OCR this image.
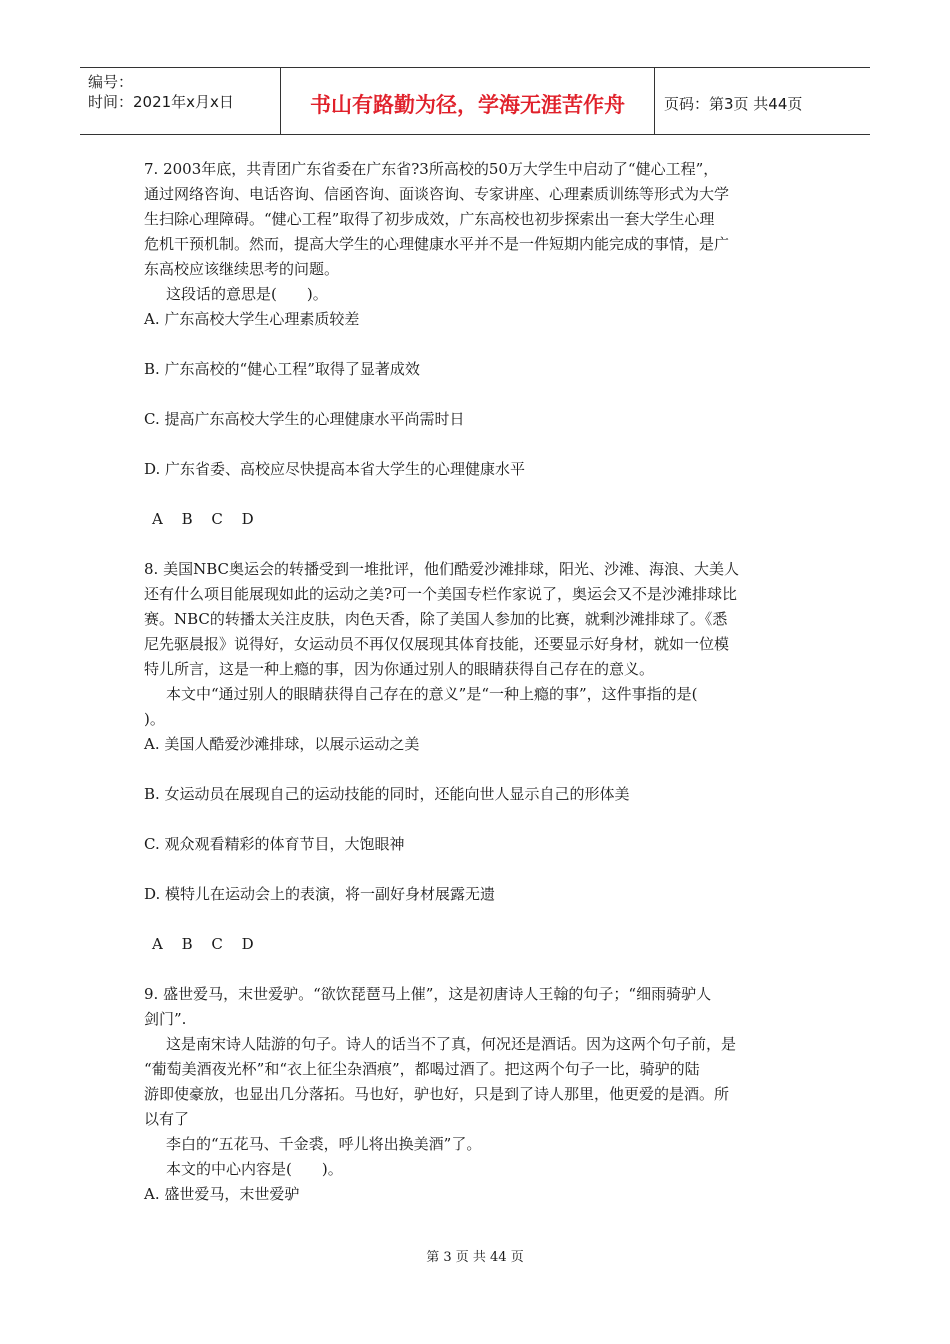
编号：
时间：2021年x月x日	书山有路勤为径，学海无涯苦作舟	页码：第3页 共44页

7. 2003年底，共青团广东省委在广东省?3所高校的50万大学生中启动了“健心工程”，

通过网络咨询、电话咨询、信函咨询、面谈咨询、专家讲座、心理素质训练等形式为大学

生扫除心理障碍。“健心工程”取得了初步成效，广东高校也初步探索出一套大学生心理

危机干预机制。然而，提高大学生的心理健康水平并不是一件短期内能完成的事情，是广

东高校应该继续思考的问题。

这段话的意思是(　　)。

A. 广东高校大学生心理素质较差

B. 广东高校的“健心工程”取得了显著成效

C. 提高广东高校大学生的心理健康水平尚需时日

D. 广东省委、高校应尽快提高本省大学生的心理健康水平

A B C D

8. 美国NBC奥运会的转播受到一堆批评，他们酷爱沙滩排球，阳光、沙滩、海浪、大美人

还有什么项目能展现如此的运动之美?可一个美国专栏作家说了，奥运会又不是沙滩排球比

赛。NBC的转播太关注皮肤，肉色天香，除了美国人参加的比赛，就剩沙滩排球了。《悉

尼先驱晨报》说得好，女运动员不再仅仅展现其体育技能，还要显示好身材，就如一位模

特儿所言，这是一种上瘾的事，因为你通过别人的眼睛获得自己存在的意义。

本文中“通过别人的眼睛获得自己存在的意义”是“一种上瘾的事”，这件事指的是(

)。

A. 美国人酷爱沙滩排球，以展示运动之美

B. 女运动员在展现自己的运动技能的同时，还能向世人显示自己的形体美

C. 观众观看精彩的体育节目，大饱眼神

D. 模特儿在运动会上的表演，将一副好身材展露无遗

A B C D

9. 盛世爱马，末世爱驴。“欲饮琵琶马上催”，这是初唐诗人王翰的句子；“细雨骑驴人

剑门”.

这是南宋诗人陆游的句子。诗人的话当不了真，何况还是酒话。因为这两个句子前，是

“葡萄美酒夜光杯”和“衣上征尘杂酒痕”，都喝过酒了。把这两个句子一比，骑驴的陆

游即使豪放，也显出几分落拓。马也好，驴也好，只是到了诗人那里，他更爱的是酒。所

以有了

李白的“五花马、千金裘，呼儿将出换美酒”了。

本文的中心内容是(　　)。

A. 盛世爱马，末世爱驴

第 3 页 共 44 页
